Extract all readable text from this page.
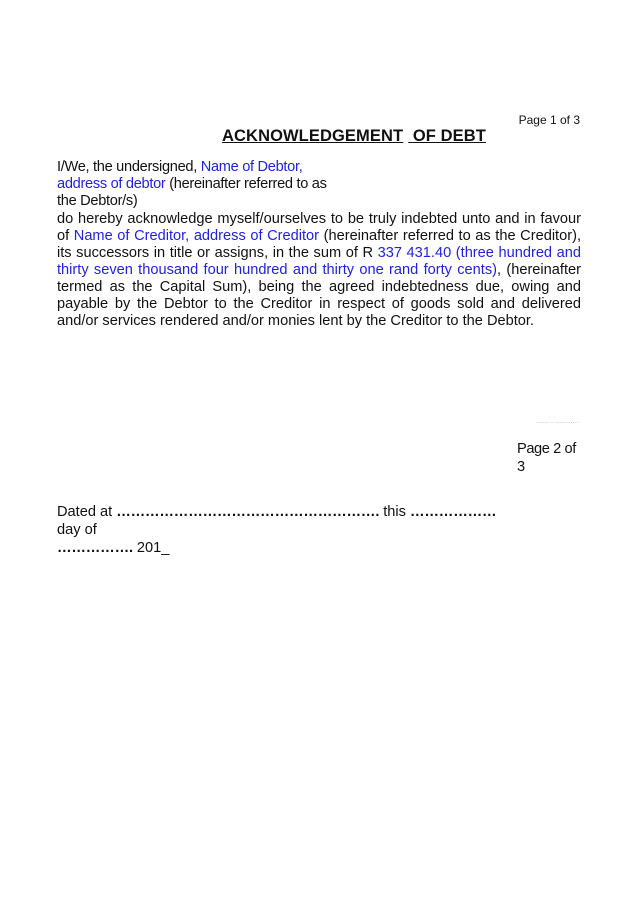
Page 1 of 3
ACKNOWLEDGEMENT OF DEBT
I/We, the undersigned, Name of Debtor, address of debtor (hereinafter referred to as the Debtor/s)
do hereby acknowledge myself/ourselves to be truly indebted unto and in favour of Name of Creditor, address of Creditor (hereinafter referred to as the Creditor), its successors in title or assigns, in the sum of R 337 431.40 (three hundred and thirty seven thousand four hundred and thirty one rand forty cents), (hereinafter termed as the Capital Sum), being the agreed indebtedness due, owing and payable by the Debtor to the Creditor in respect of goods sold and delivered and/or services rendered and/or monies lent by the Creditor to the Debtor.
………………..
Page 2 of 3
Dated at ………………………………………………. this ……………… day of
……………. 201_
